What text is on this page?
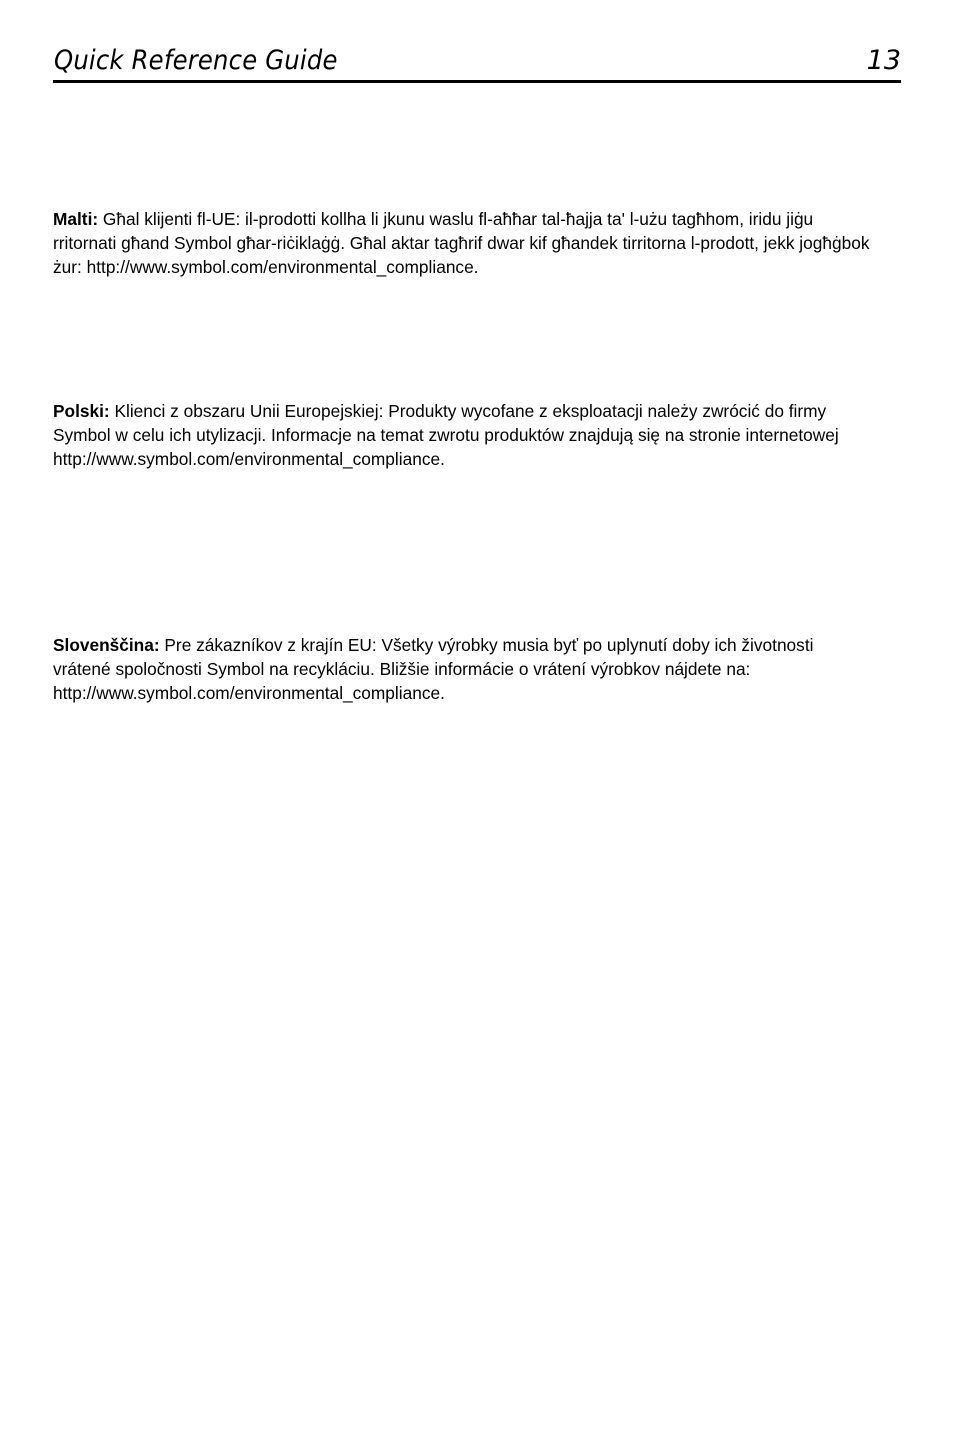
Quick Reference Guide	13

Malti: Għal klijenti fl-UE: il-prodotti kollha li jkunu waslu fl-aħħar tal-ħajja ta' l-użu tagħhom, iridu jiġu rritornati għand Symbol għar-riċiklaġġ. Għal aktar tagħrif dwar kif għandek tirritorna l-prodott, jekk jogħġbok żur: http://www.symbol.com/environmental_compliance.

Polski: Klienci z obszaru Unii Europejskiej: Produkty wycofane z eksploatacji należy zwrócić do firmy Symbol w celu ich utylizacji. Informacje na temat zwrotu produktów znajdują się na stronie internetowej http://www.symbol.com/environmental_compliance.

Slovenščina: Pre zákazníkov z krajín EU: Všetky výrobky musia byť po uplynutí doby ich životnosti vrátené spoločnosti Symbol na recykláciu. Bližšie informácie o vrátení výrobkov nájdete na: http://www.symbol.com/environmental_compliance.
